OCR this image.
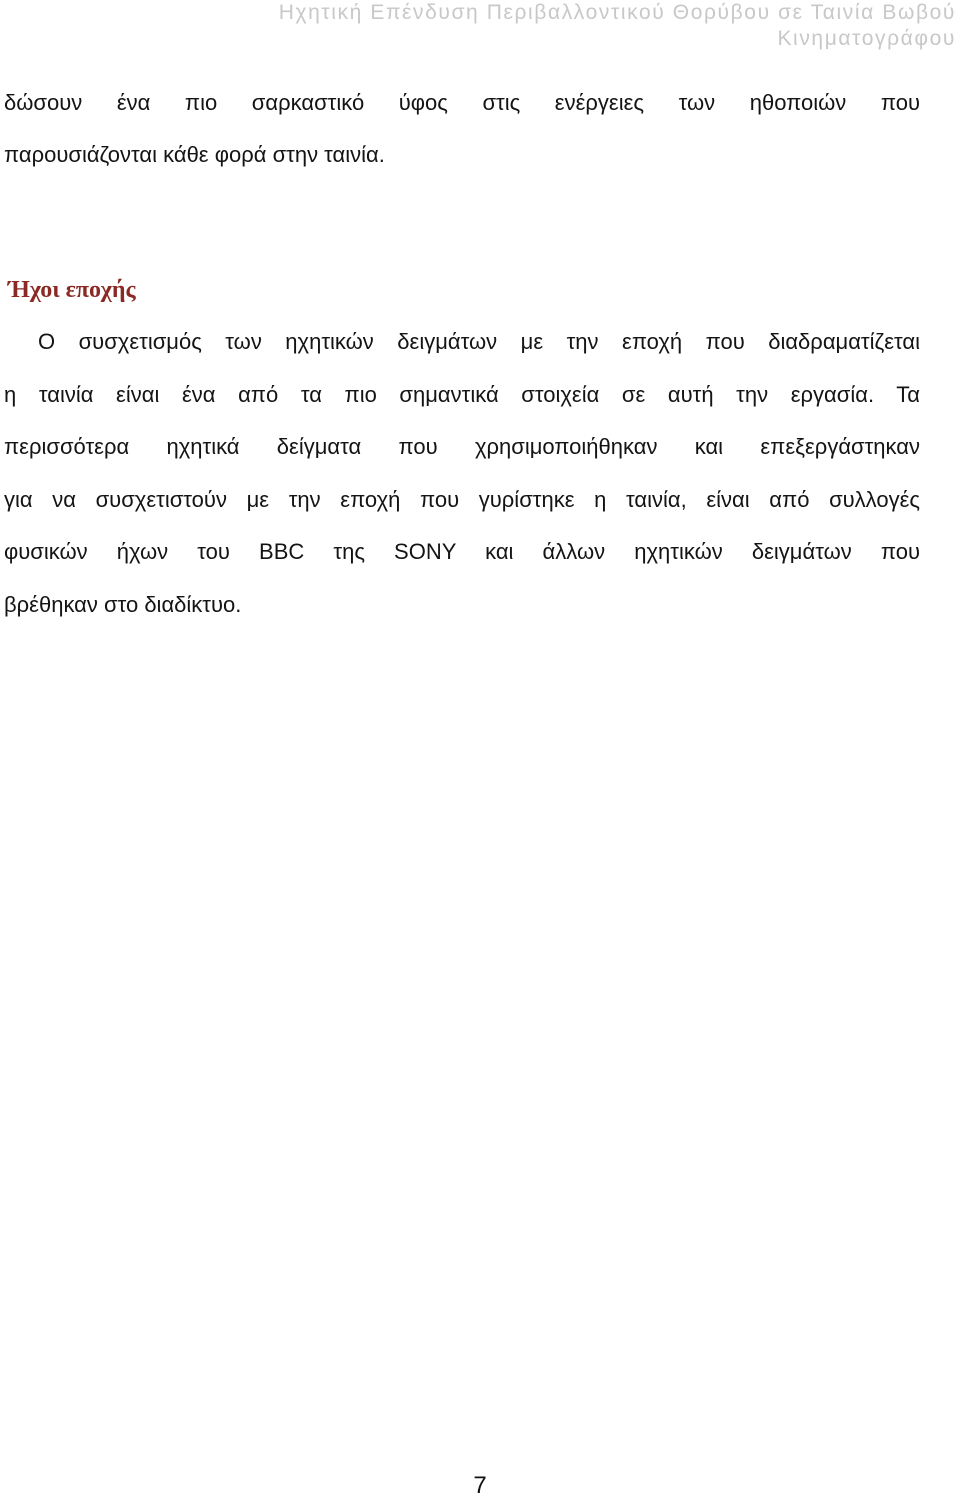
Ηχητική Επένδυση Περιβαλλοντικού Θορύβου σε Ταινία Βωβού
Κινηματογράφου
δώσουν ένα πιο σαρκαστικό ύφος στις ενέργειες των ηθοποιών που
παρουσιάζονται κάθε φορά στην ταινία.
Ήχοι εποχής
Ο συσχετισμός των ηχητικών δειγμάτων με την εποχή που διαδραματίζεται
η ταινία είναι ένα από τα πιο σημαντικά στοιχεία σε αυτή την εργασία. Τα
περισσότερα ηχητικά δείγματα που χρησιμοποιήθηκαν και επεξεργάστηκαν
για να συσχετιστούν με την εποχή που γυρίστηκε η ταινία, είναι από συλλογές
φυσικών ήχων του BBC της SONY και άλλων ηχητικών δειγμάτων που
βρέθηκαν στο διαδίκτυο.
7
